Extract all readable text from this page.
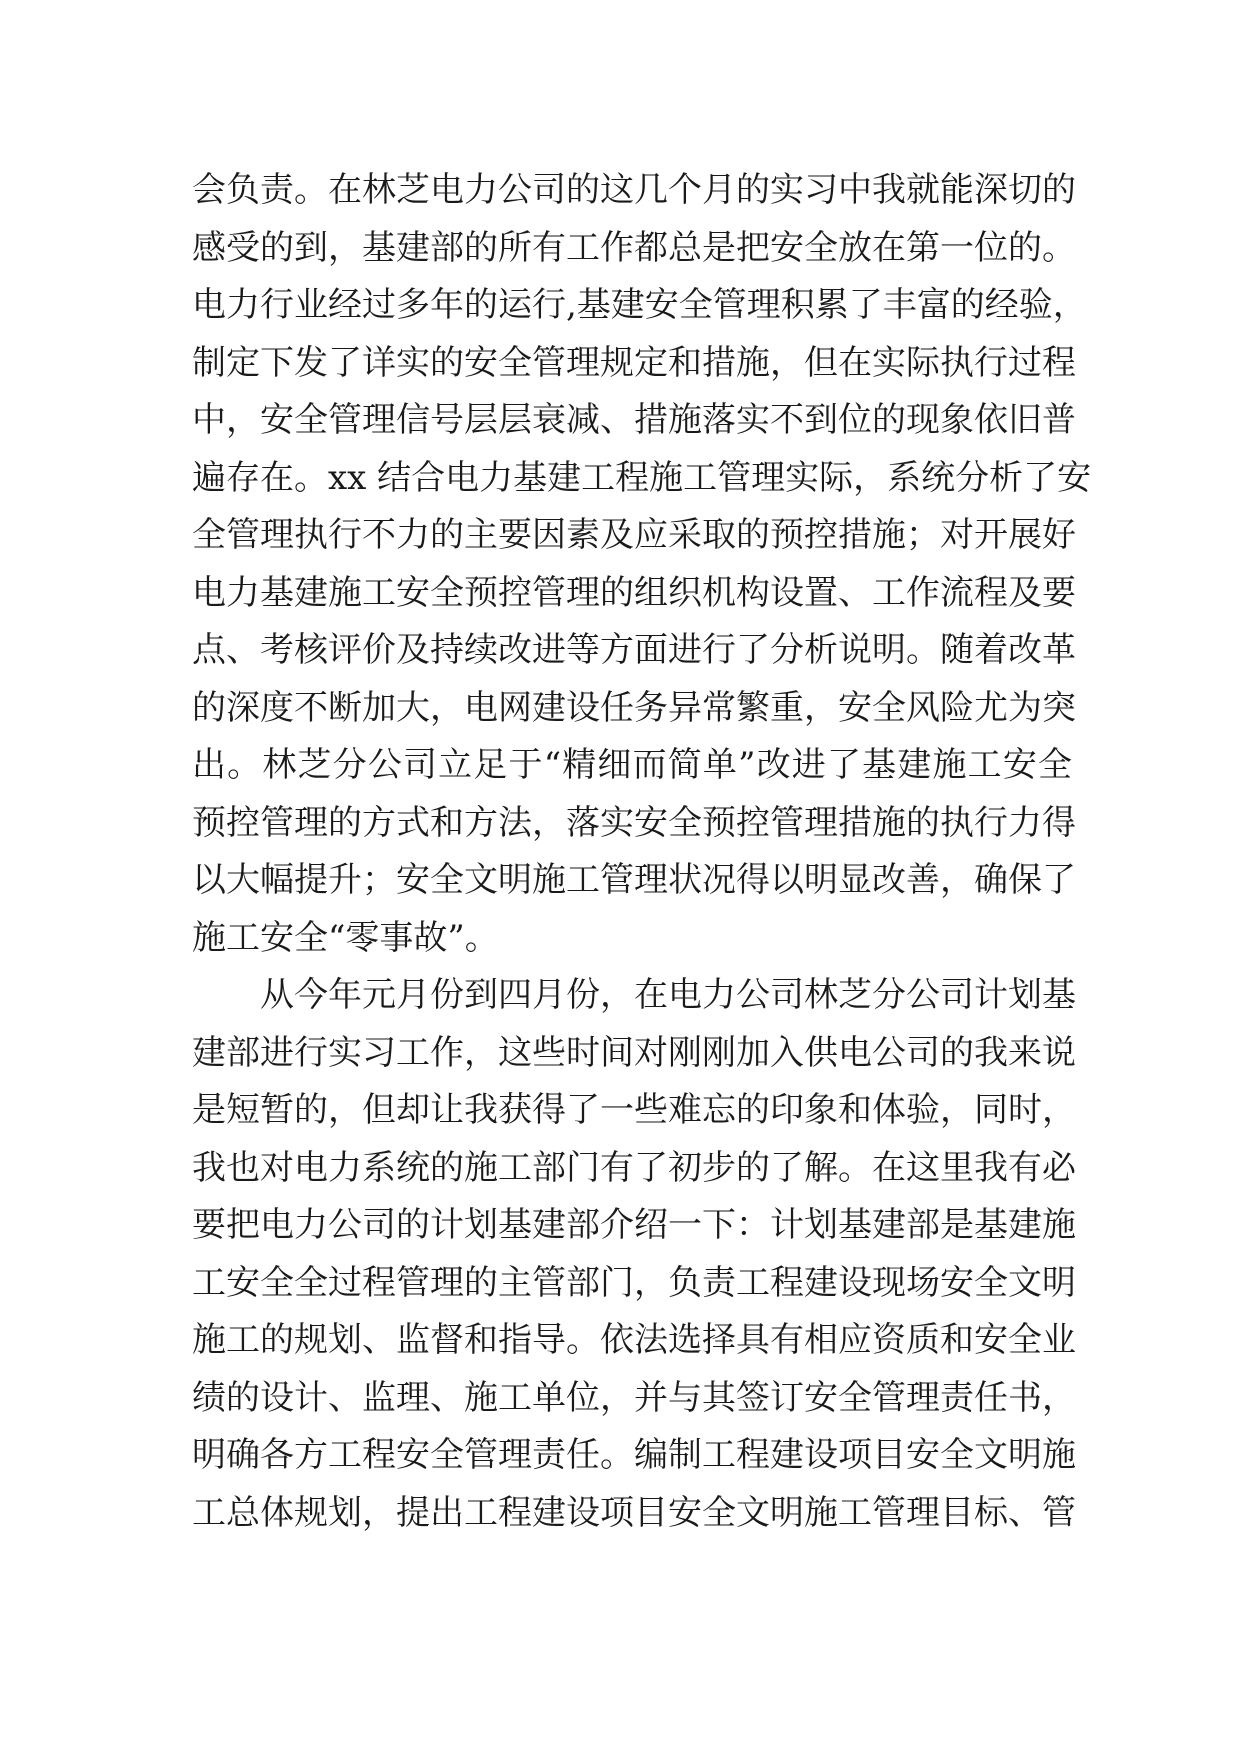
会负责。在林芝电力公司的这几个月的实习中我就能深切的
感受的到，基建部的所有工作都总是把安全放在第一位的。
电力行业经过多年的运行,基建安全管理积累了丰富的经验，
制定下发了详实的安全管理规定和措施，但在实际执行过程
中，安全管理信号层层衰减、措施落实不到位的现象依旧普
遍存在。xx 结合电力基建工程施工管理实际，系统分析了安
全管理执行不力的主要因素及应采取的预控措施；对开展好
电力基建施工安全预控管理的组织机构设置、工作流程及要
点、考核评价及持续改进等方面进行了分析说明。随着改革
的深度不断加大，电网建设任务异常繁重，安全风险尤为突
出。林芝分公司立足于“精细而简单”改进了基建施工安全
预控管理的方式和方法，落实安全预控管理措施的执行力得
以大幅提升；安全文明施工管理状况得以明显改善，确保了
施工安全“零事故”。
从今年元月份到四月份，在电力公司林芝分公司计划基
建部进行实习工作，这些时间对刚刚加入供电公司的我来说
是短暂的，但却让我获得了一些难忘的印象和体验，同时，
我也对电力系统的施工部门有了初步的了解。在这里我有必
要把电力公司的计划基建部介绍一下：计划基建部是基建施
工安全全过程管理的主管部门，负责工程建设现场安全文明
施工的规划、监督和指导。依法选择具有相应资质和安全业
绩的设计、监理、施工单位，并与其签订安全管理责任书，
明确各方工程安全管理责任。编制工程建设项目安全文明施
工总体规划，提出工程建设项目安全文明施工管理目标、管
